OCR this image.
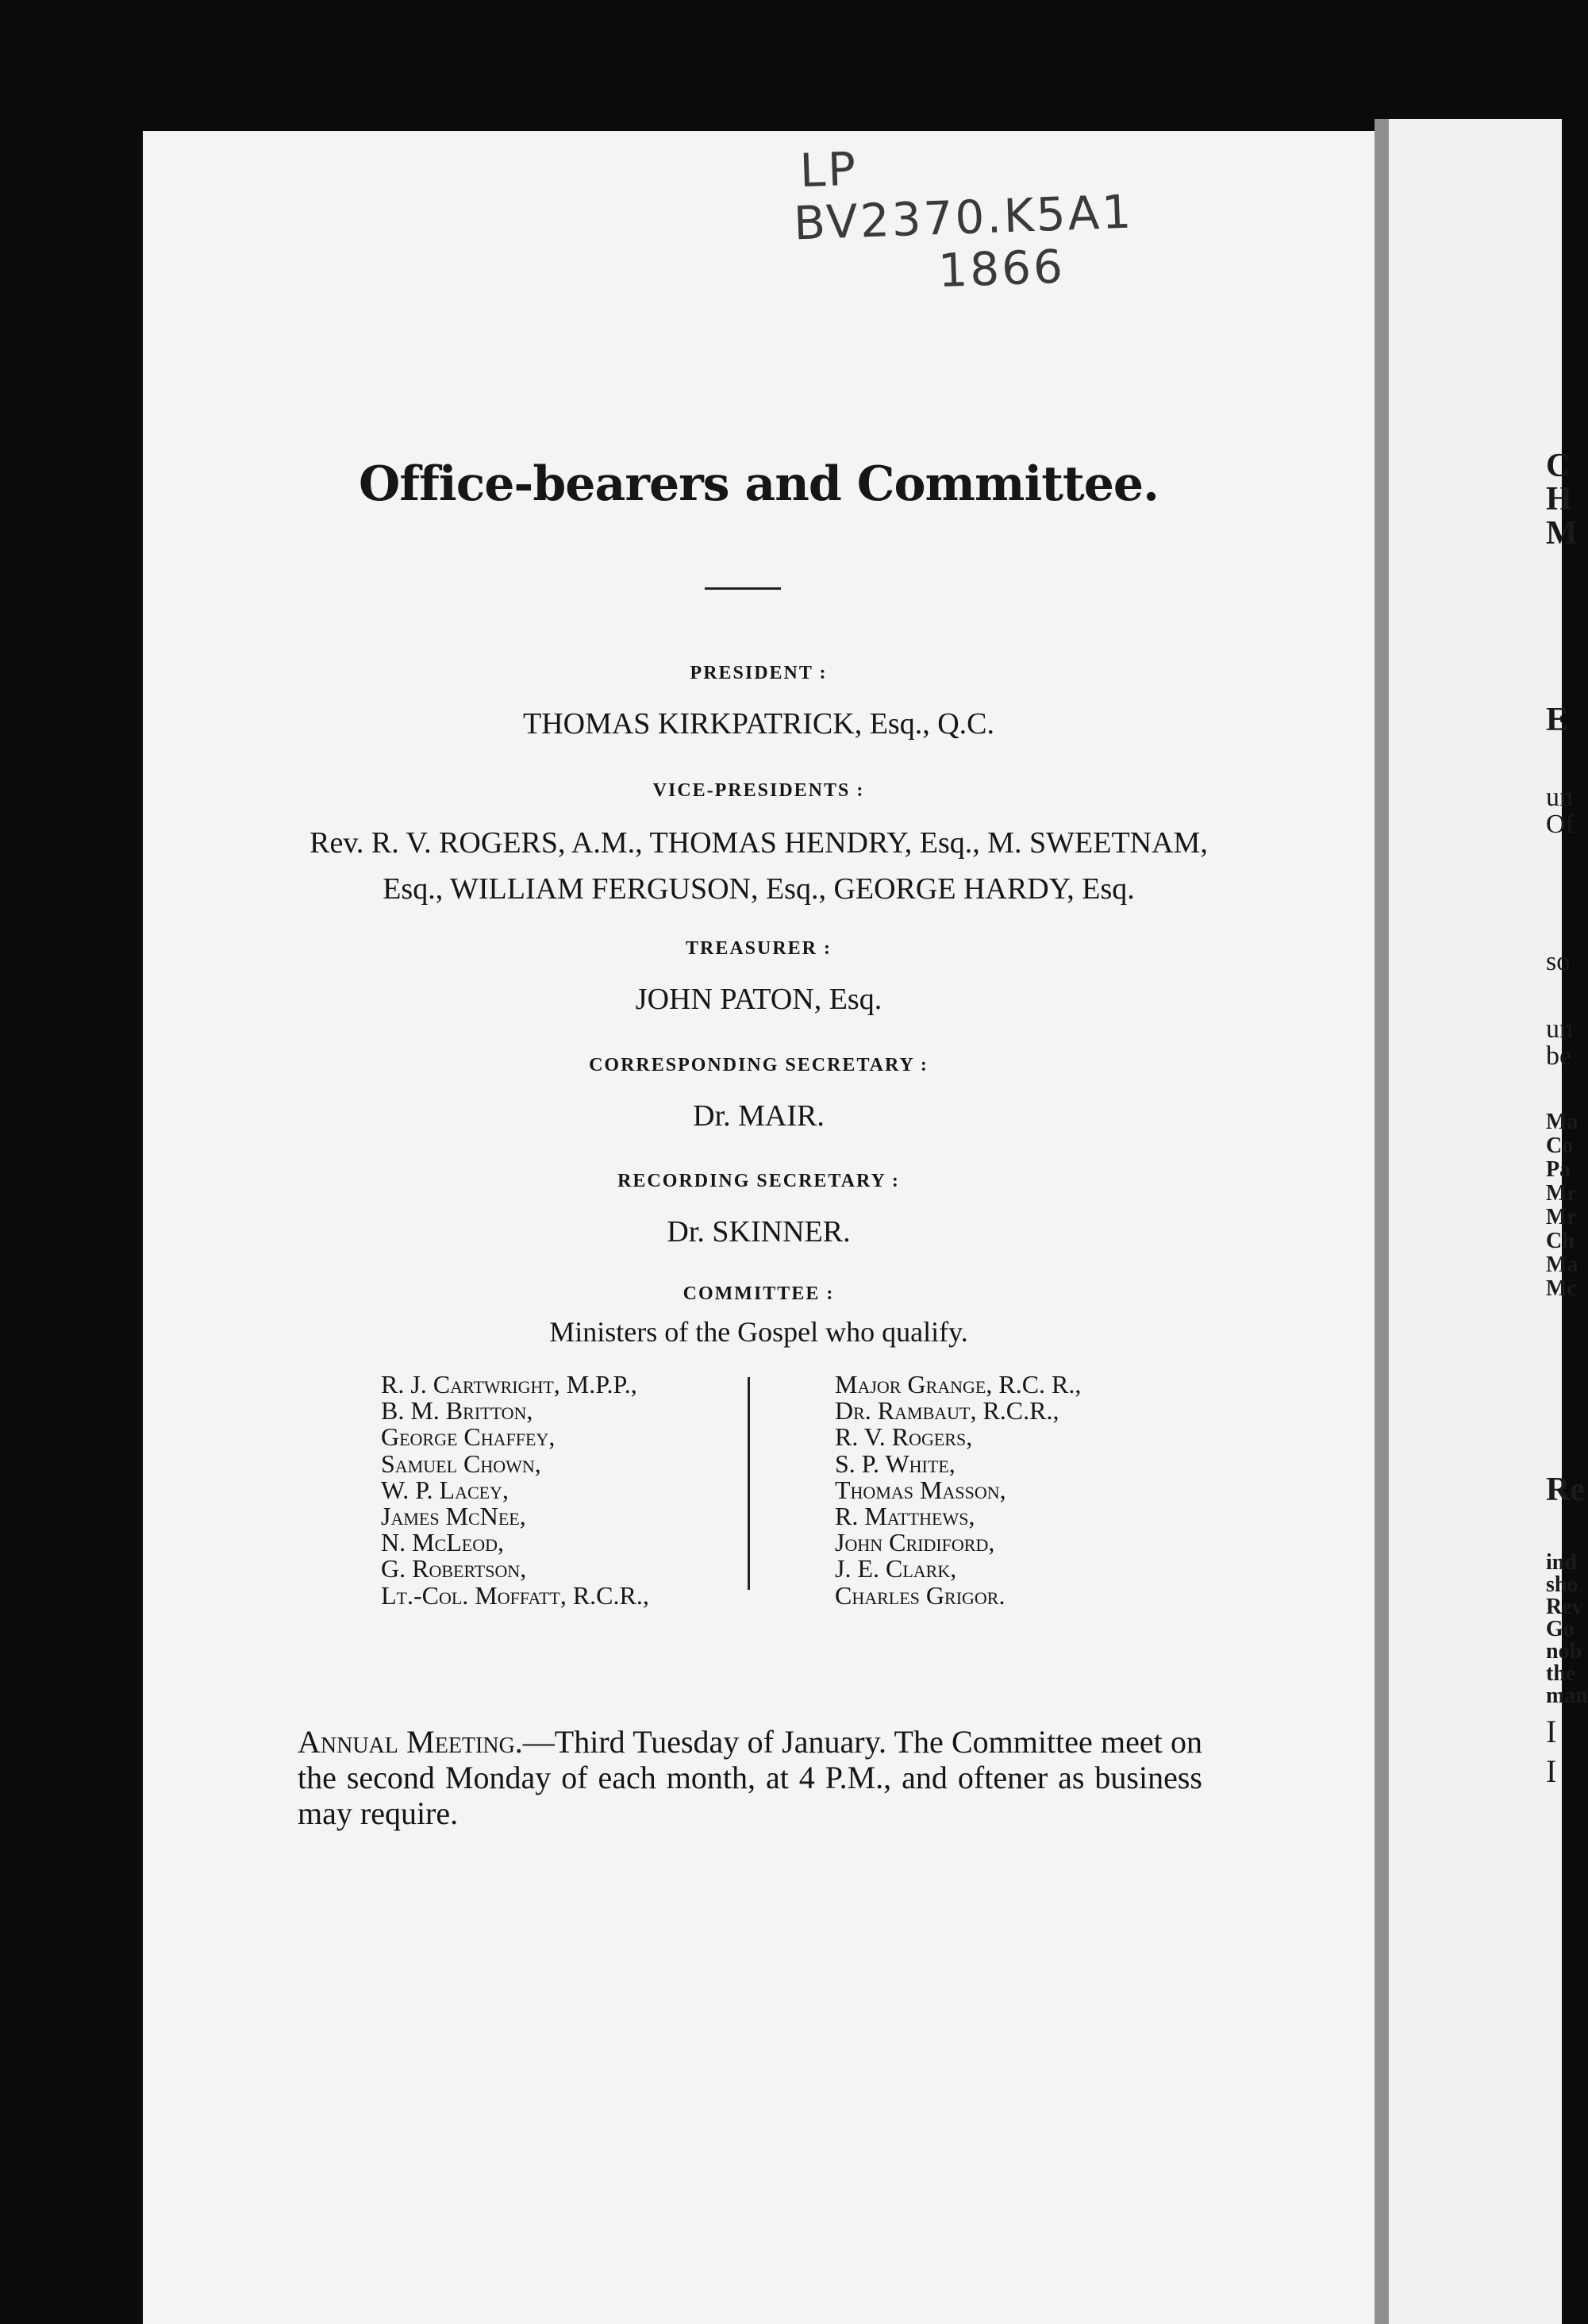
LP
BV2370.K5A1
1866
Office-bearers and Committee.
PRESIDENT :
THOMAS KIRKPATRICK, Esq., Q.C.
VICE-PRESIDENTS :
Rev. R. V. ROGERS, A.M., THOMAS HENDRY, Esq., M. SWEETNAM,
Esq., WILLIAM FERGUSON, Esq., GEORGE HARDY, Esq.
TREASURER :
JOHN PATON, Esq.
CORRESPONDING SECRETARY :
Dr. MAIR.
RECORDING SECRETARY :
Dr. SKINNER.
COMMITTEE :
Ministers of the Gospel who qualify.
R. J. Cartwright, M.P.P.,
B. M. Britton,
George Chaffey,
Samuel Chown,
W. P. Lacey,
James McNee,
N. McLeod,
G. Robertson,
Lt.-Col. Moffatt, R.C.R.,
Major Grange, R.C. R.,
Dr. Rambaut, R.C.R.,
R. V. Rogers,
S. P. White,
Thomas Masson,
R. Matthews,
John Cridiford,
J. E. Clark,
Charles Grigor.
Annual Meeting.—Third Tuesday of January. The Committee meet on the second Monday of each month, at 4 P.M., and oftener as business may require.
C
H
M
E
un
Of
so
un
be
Ma
Co
Pa
Mr
Mr
Ch
Ma
Mc
Re
ind
sho
Rev
Go
nob
the
man
I
I
